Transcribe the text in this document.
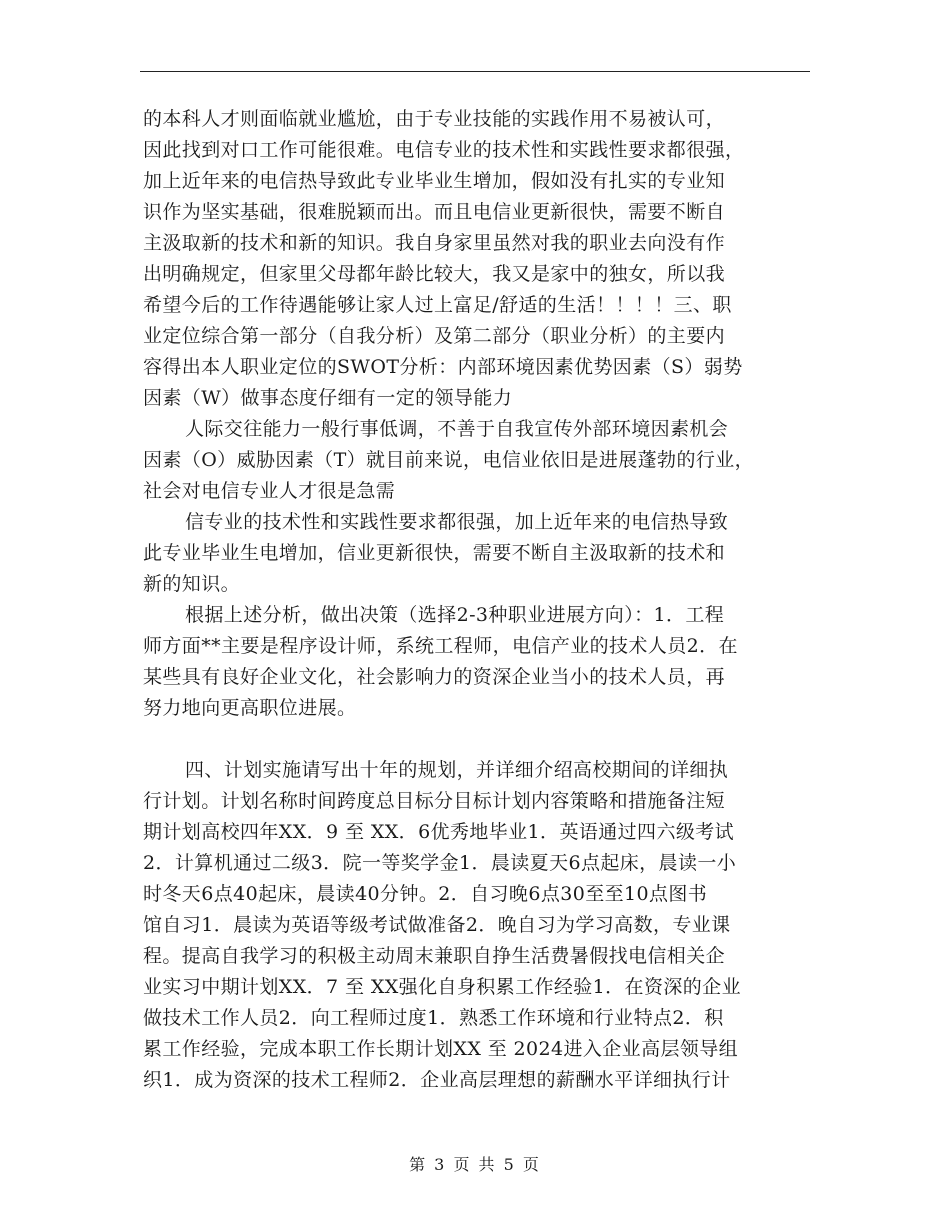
的本科人才则面临就业尴尬，由于专业技能的实践作用不易被认可，
因此找到对口工作可能很难。电信专业的技术性和实践性要求都很强，
加上近年来的电信热导致此专业毕业生增加，假如没有扎实的专业知
识作为坚实基础，很难脱颖而出。而且电信业更新很快，需要不断自
主汲取新的技术和新的知识。我自身家里虽然对我的职业去向没有作
出明确规定，但家里父母都年龄比较大，我又是家中的独女，所以我
希望今后的工作待遇能够让家人过上富足/舒适的生活！！！！三、职
业定位综合第一部分（自我分析）及第二部分（职业分析）的主要内
容得出本人职业定位的SWOT分析：内部环境因素优势因素（S）弱势
因素（W）做事态度仔细有一定的领导能力
人际交往能力一般行事低调，不善于自我宣传外部环境因素机会
因素（O）威胁因素（T）就目前来说，电信业依旧是进展蓬勃的行业，
社会对电信专业人才很是急需
信专业的技术性和实践性要求都很强，加上近年来的电信热导致
此专业毕业生电增加，信业更新很快，需要不断自主汲取新的技术和
新的知识。
根据上述分析，做出决策（选择2-3种职业进展方向）：1．工程
师方面**主要是程序设计师，系统工程师，电信产业的技术人员2．在
某些具有良好企业文化，社会影响力的资深企业当小的技术人员，再
努力地向更高职位进展。
四、计划实施请写出十年的规划，并详细介绍高校期间的详细执
行计划。计划名称时间跨度总目标分目标计划内容策略和措施备注短
期计划高校四年XX．9 至 XX．6优秀地毕业1．英语通过四六级考试
2．计算机通过二级3．院一等奖学金1．晨读夏天6点起床，晨读一小
时冬天6点40起床，晨读40分钟。2．自习晚6点30至至10点图书
馆自习1．晨读为英语等级考试做准备2．晚自习为学习高数，专业课
程。提高自我学习的积极主动周末兼职自挣生活费暑假找电信相关企
业实习中期计划XX．7 至 XX强化自身积累工作经验1．在资深的企业
做技术工作人员2．向工程师过度1．熟悉工作环境和行业特点2．积
累工作经验，完成本职工作长期计划XX 至 2024进入企业高层领导组
织1．成为资深的技术工程师2．企业高层理想的薪酬水平详细执行计
第 3 页 共 5 页
